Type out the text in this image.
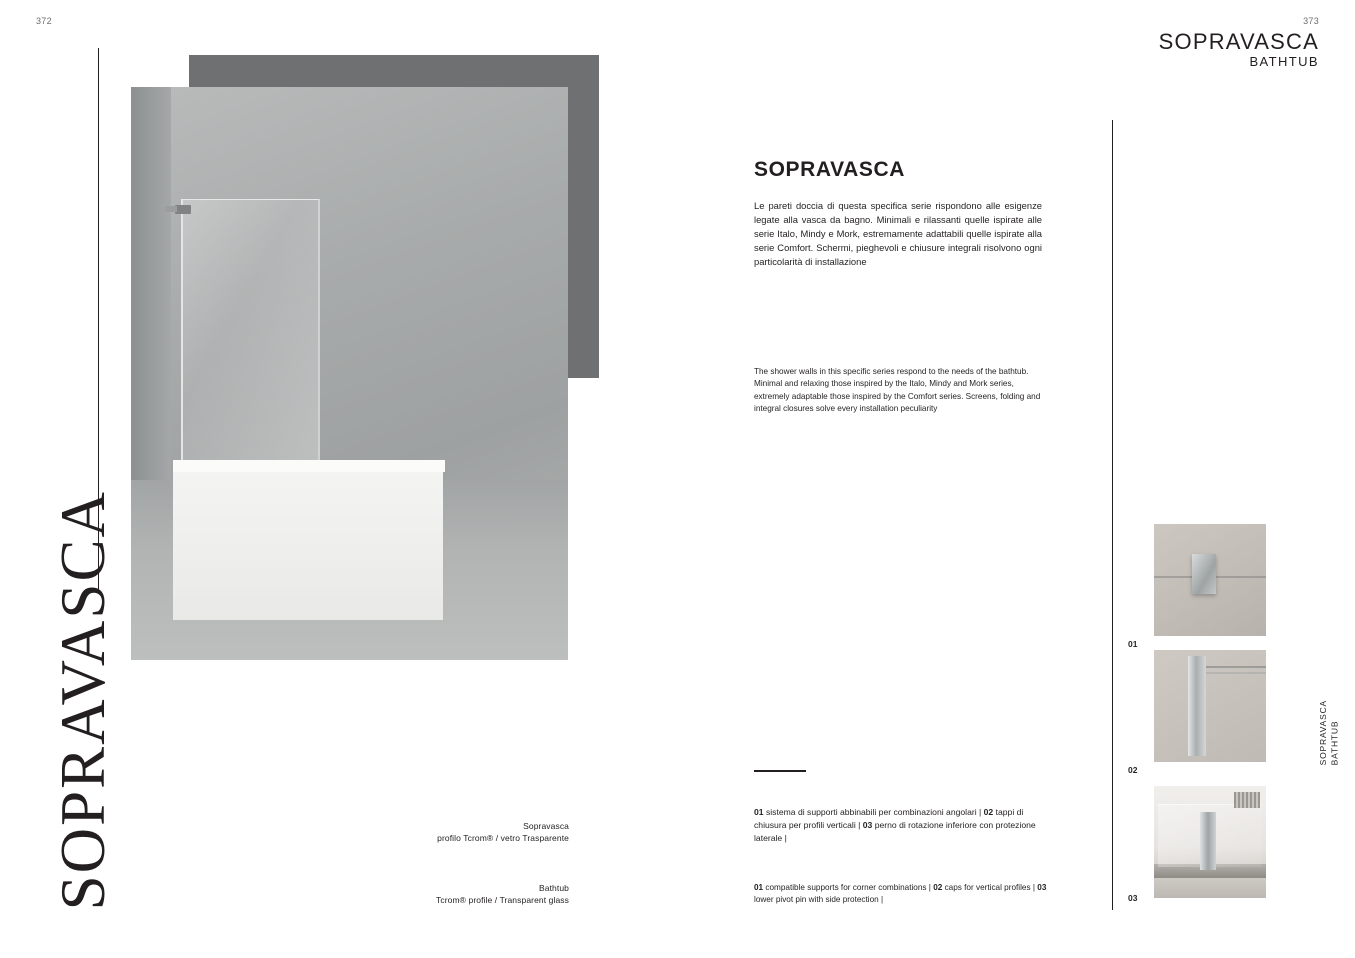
372	373
SOPRAVASCA
BATHTUB
SOPRAVASCA BATHTUB
SOPRAVASCA	Sopravasca
profilo Tcrom® / vetro Trasparente
Bathtub
Tcrom® profile / Transparent glass
SOPRAVASCA
Le pareti doccia di questa specifica serie rispondono alle esigenze legate alla vasca da bagno. Minimali e rilassanti quelle ispirate alle serie Italo, Mindy e Mork, estremamente adattabili quelle ispirate alla serie Comfort. Schermi, pieghevoli e chiusure integrali risolvono ogni particolarità di installazione
The shower walls in this specific series respond to the needs of the bathtub. Minimal and relaxing those inspired by the Italo, Mindy and Mork series, extremely adaptable those inspired by the Comfort series. Screens, folding and integral closures solve every installation peculiarity
01 sistema di supporti abbinabili per combinazioni angolari | 02 tappi di chiusura per profili verticali | 03 perno di rotazione inferiore con protezione laterale |
01 compatible supports for corner combinations | 02 caps for vertical profiles | 03 lower pivot pin with side protection |
01
02
03
